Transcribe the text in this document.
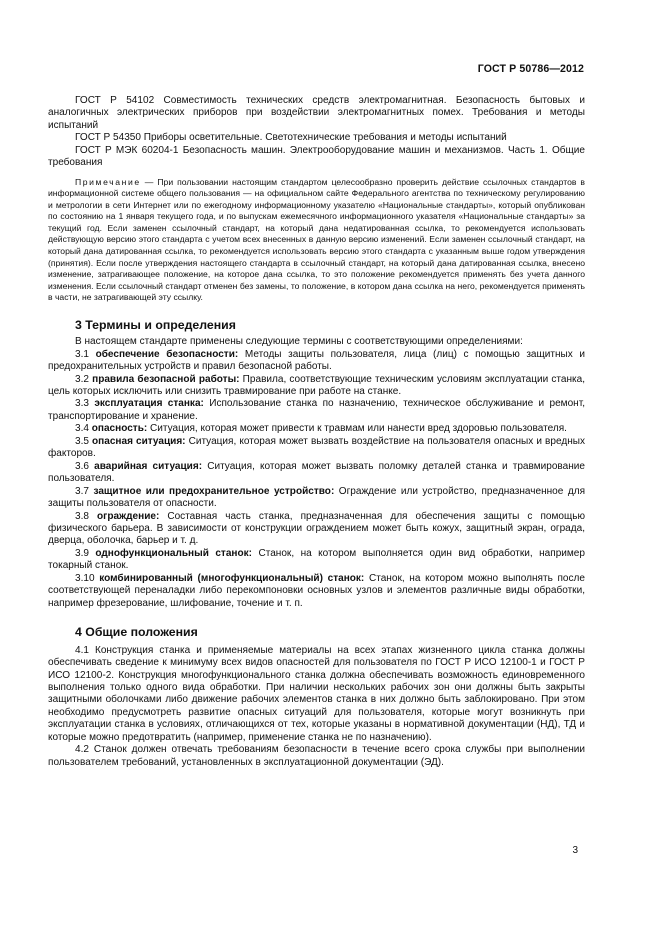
ГОСТ Р 50786—2012

ГОСТ Р 54102 Совместимость технических средств электромагнитная. Безопасность бытовых и аналогичных электрических приборов при воздействии электромагнитных помех. Требования и методы испытаний

ГОСТ Р 54350 Приборы осветительные. Светотехнические требования и методы испытаний

ГОСТ Р МЭК 60204-1 Безопасность машин. Электрооборудование машин и механизмов. Часть 1. Общие требования

Примечание — При пользовании настоящим стандартом целесообразно проверить действие ссылочных стандартов в информационной системе общего пользования — на официальном сайте Федерального агентства по техническому регулированию и метрологии в сети Интернет или по ежегодному информационному указателю «Национальные стандарты», который опубликован по состоянию на 1 января текущего года, и по выпускам ежемесячного информационного указателя «Национальные стандарты» за текущий год. Если заменен ссылочный стандарт, на который дана недатированная ссылка, то рекомендуется использовать действующую версию этого стандарта с учетом всех внесенных в данную версию изменений. Если заменен ссылочный стандарт, на который дана датированная ссылка, то рекомендуется использовать версию этого стандарта с указанным выше годом утверждения (принятия). Если после утверждения настоящего стандарта в ссылочный стандарт, на который дана датированная ссылка, внесено изменение, затрагивающее положение, на которое дана ссылка, то это положение рекомендуется применять без учета данного изменения. Если ссылочный стандарт отменен без замены, то положение, в котором дана ссылка на него, рекомендуется применять в части, не затрагивающей эту ссылку.

3 Термины и определения

В настоящем стандарте применены следующие термины с соответствующими определениями:

3.1 обеспечение безопасности: Методы защиты пользователя, лица (лиц) с помощью защитных и предохранительных устройств и правил безопасной работы.

3.2 правила безопасной работы: Правила, соответствующие техническим условиям эксплуатации станка, цель которых исключить или снизить травмирование при работе на станке.

3.3 эксплуатация станка: Использование станка по назначению, техническое обслуживание и ремонт, транспортирование и хранение.

3.4 опасность: Ситуация, которая может привести к травмам или нанести вред здоровью пользователя.

3.5 опасная ситуация: Ситуация, которая может вызвать воздействие на пользователя опасных и вредных факторов.

3.6 аварийная ситуация: Ситуация, которая может вызвать поломку деталей станка и травмирование пользователя.

3.7 защитное или предохранительное устройство: Ограждение или устройство, предназначенное для защиты пользователя от опасности.

3.8 ограждение: Составная часть станка, предназначенная для обеспечения защиты с помощью физического барьера. В зависимости от конструкции ограждением может быть кожух, защитный экран, ограда, дверца, оболочка, барьер и т. д.

3.9 однофункциональный станок: Станок, на котором выполняется один вид обработки, например токарный станок.

3.10 комбинированный (многофункциональный) станок: Станок, на котором можно выполнять после соответствующей переналадки либо перекомпоновки основных узлов и элементов различные виды обработки, например фрезерование, шлифование, точение и т. п.

4 Общие положения

4.1 Конструкция станка и применяемые материалы на всех этапах жизненного цикла станка должны обеспечивать сведение к минимуму всех видов опасностей для пользователя по ГОСТ Р ИСО 12100-1 и ГОСТ Р ИСО 12100-2. Конструкция многофункционального станка должна обеспечивать возможность единовременного выполнения только одного вида обработки. При наличии нескольких рабочих зон они должны быть закрыты защитными оболочками либо движение рабочих элементов станка в них должно быть заблокировано. При этом необходимо предусмотреть развитие опасных ситуаций для пользователя, которые могут возникнуть при эксплуатации станка в условиях, отличающихся от тех, которые указаны в нормативной документации (НД), ТД и которые можно предотвратить (например, применение станка не по назначению).

4.2 Станок должен отвечать требованиям безопасности в течение всего срока службы при выполнении пользователем требований, установленных в эксплуатационной документации (ЭД).

3
